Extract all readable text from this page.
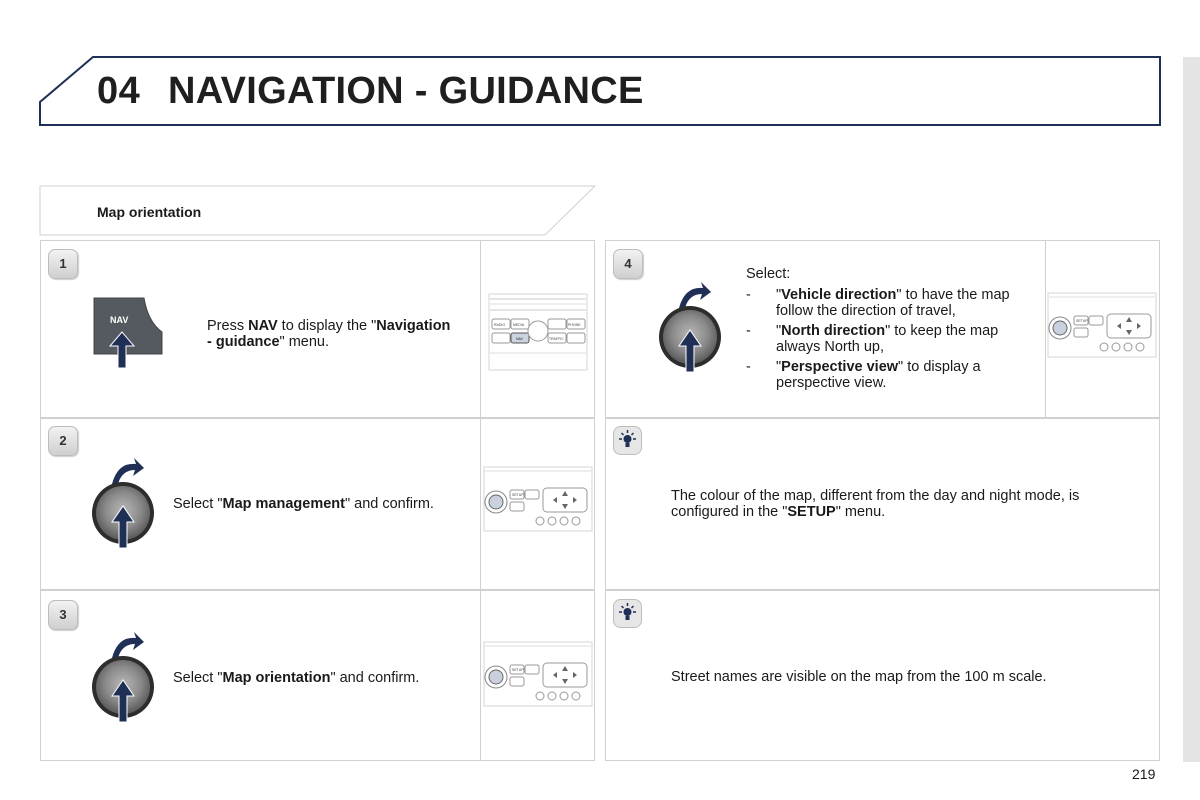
04 NAVIGATION - GUIDANCE
Map orientation
1
NAV	Press NAV to display the "Navigation - guidance" menu.
RADIO MEDIA
NAV
PHONE
TRAFFIC
2
Select "Map management" and confirm.
SETUP
3
Select "Map orientation" and confirm.	SETUP
4
Select:
- "Vehicle direction" to have the map follow the direction of travel,
- "North direction" to keep the map always North up,
- "Perspective view" to display a perspective view.
SETUP
The colour of the map, different from the day and night mode, is configured in the "SETUP" menu.
Street names are visible on the map from the 100 m scale.
219
